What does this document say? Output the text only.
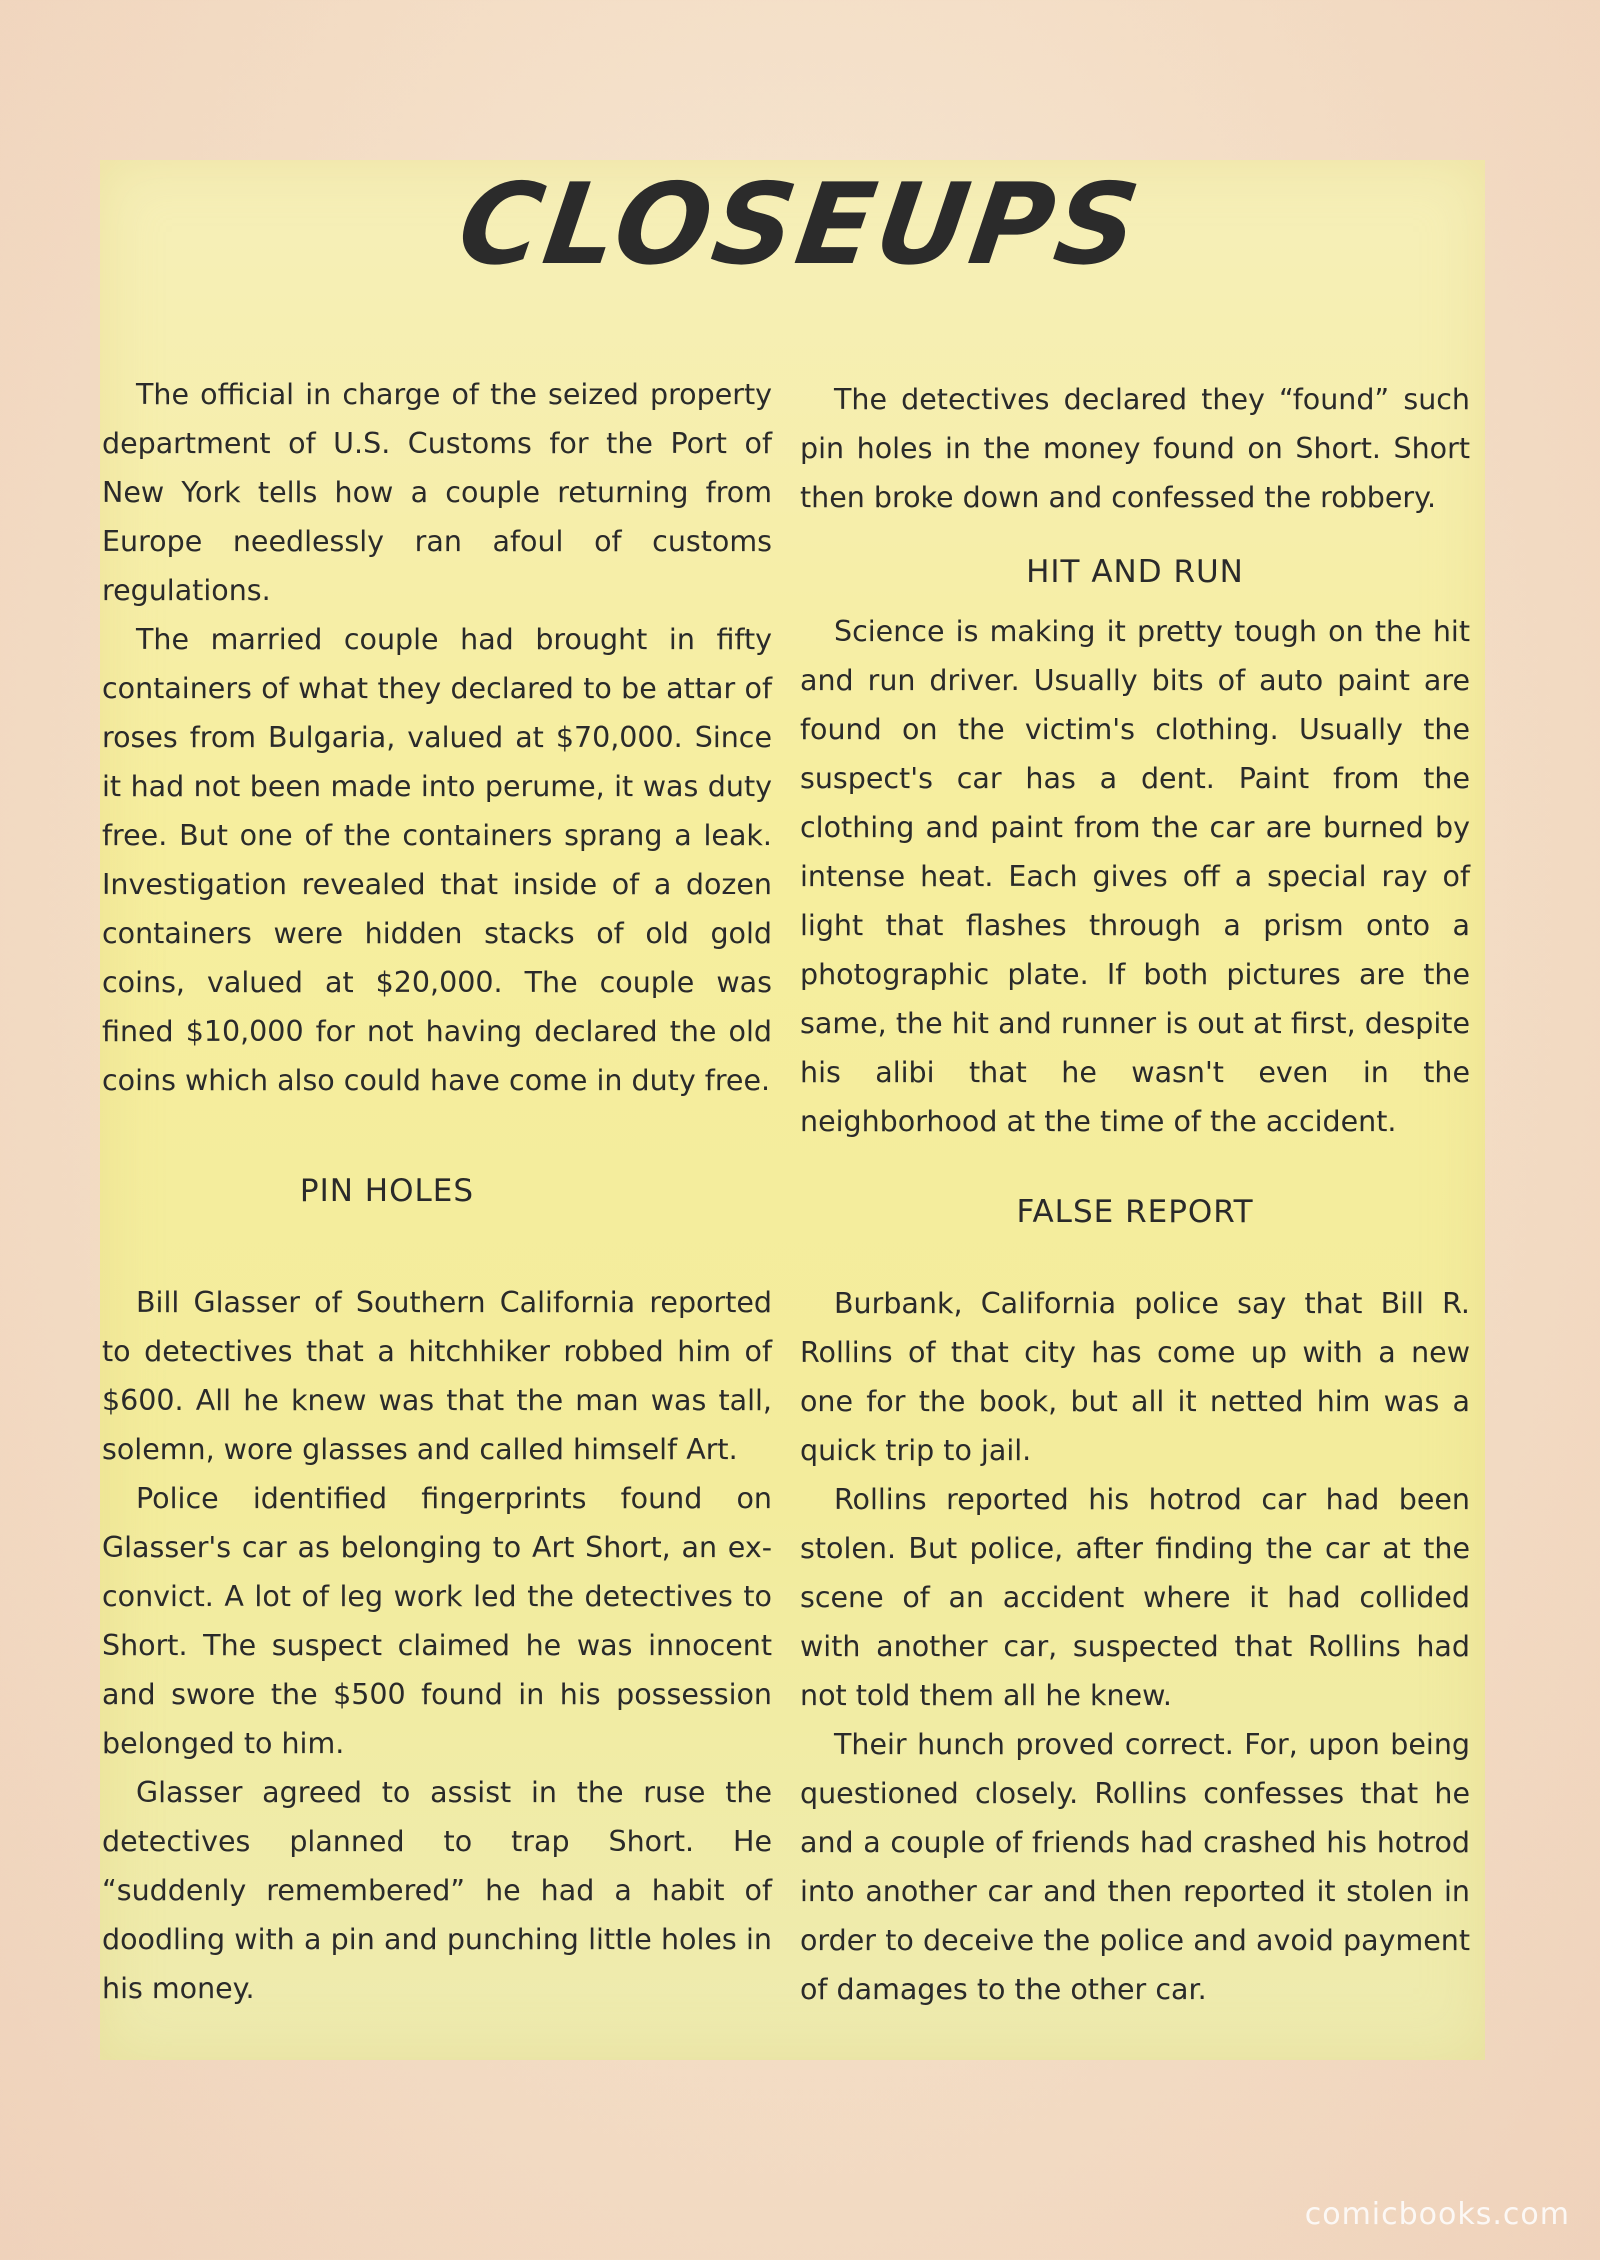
CLOSEUPS

The official in charge of the seized property department of U.S. Customs for the Port of New York tells how a couple returning from Europe needlessly ran afoul of customs regulations.

The married couple had brought in fifty containers of what they declared to be attar of roses from Bulgaria, valued at $70,000. Since it had not been made into perume, it was duty free. But one of the containers sprang a leak. Investigation revealed that inside of a dozen containers were hidden stacks of old gold coins, valued at $20,000. The couple was fined $10,000 for not having declared the old coins which also could have come in duty free.

PIN HOLES

Bill Glasser of Southern California reported to detectives that a hitchhiker robbed him of $600. All he knew was that the man was tall, solemn, wore glasses and called himself Art.

Police identified fingerprints found on Glasser's car as belonging to Art Short, an ex-convict. A lot of leg work led the detectives to Short. The suspect claimed he was innocent and swore the $500 found in his possession belonged to him.

Glasser agreed to assist in the ruse the detectives planned to trap Short. He “suddenly remembered” he had a habit of doodling with a pin and punching little holes in his money.

The detectives declared they “found” such pin holes in the money found on Short. Short then broke down and confessed the robbery.

HIT AND RUN

Science is making it pretty tough on the hit and run driver. Usually bits of auto paint are found on the victim's clothing. Usually the suspect's car has a dent. Paint from the clothing and paint from the car are burned by intense heat. Each gives off a special ray of light that flashes through a prism onto a photographic plate. If both pictures are the same, the hit and runner is out at first, despite his alibi that he wasn't even in the neighborhood at the time of the accident.

FALSE REPORT

Burbank, California police say that Bill R. Rollins of that city has come up with a new one for the book, but all it netted him was a quick trip to jail.

Rollins reported his hotrod car had been stolen. But police, after finding the car at the scene of an accident where it had collided with another car, suspected that Rollins had not told them all he knew.

Their hunch proved correct. For, upon being questioned closely. Rollins confesses that he and a couple of friends had crashed his hotrod into another car and then reported it stolen in order to deceive the police and avoid payment of damages to the other car.

comicbooks.com
